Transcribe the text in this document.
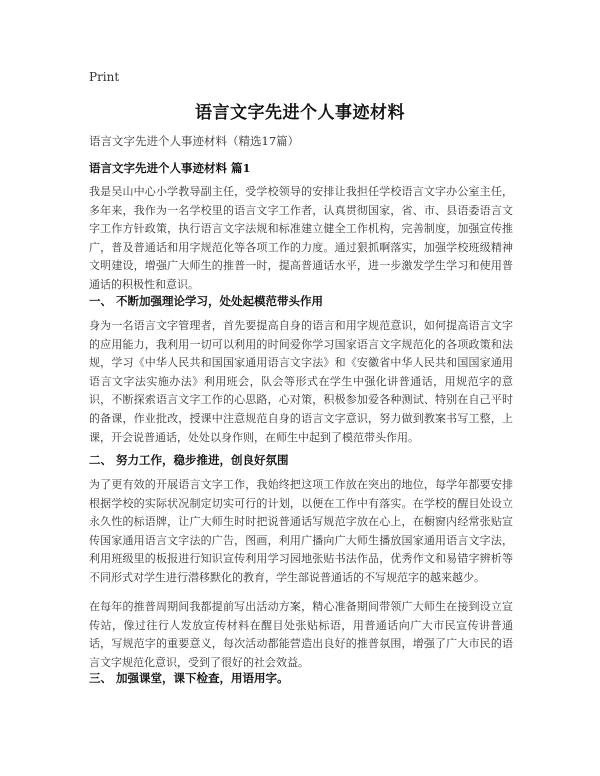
Print
语言文字先进个人事迹材料
语言文字先进个人事迹材料（精选17篇）
语言文字先进个人事迹材料 篇1

我是吴山中心小学教导副主任，受学校领导的安排让我担任学校语言文字办公室主任，多年来，我作为一名学校里的语言文字工作者，认真贯彻国家，省、市、县语委语言文字工作方针政策，执行语言文字法规和标准建立健全工作机构，完善制度，加强宣传推广，普及普通话和用字规范化等各项工作的力度。通过狠抓啊落实，加强学校班级精神文明建设，增强广大师生的推普一时，提高普通话水平，进一步激发学生学习和使用普通话的积极性和意识。

一、 不断加强理论学习，处处起模范带头作用

身为一名语言文字管理者，首先要提高自身的语言和用字规范意识，如何提高语言文字的应用能力，我利用一切可以利用的时间爱你学习国家语言文字规范化的各项政策和法规，学习《中华人民共和国国家通用语言文字法》和《安徽省中华人民共和国国家通用语言文字法实施办法》利用班会，队会等形式在学生中强化讲普通话，用规范字的意识，不断探索语言文字工作的心思路，心对策，积极参加爱各种测试、特别在自己平时的备课，作业批改，授课中注意规范自身的语言文字意识，努力做到教案书写工整，上课，开会说普通话，处处以身作则，在师生中起到了模范带头作用。

二、 努力工作，稳步推进，创良好氛围

为了更有效的开展语言文字工作，我始终把这项工作放在突出的地位，每学年都要安排根据学校的实际状况制定切实可行的计划，以便在工作中有落实。在学校的醒目处设立永久性的标语牌，让广大师生时时把说普通话写规范字放在心上，在橱窗内经常张贴宣传国家通用语言文字法的广告，图画，利用广播向广大师生播放国家通用语言文字法，利用班级里的板报进行知识宣传利用学习园地张贴书法作品，优秀作文和易错字辨析等不同形式对学生进行潜移默化的教育，学生部说普通话的不写规范字的越来越少。

在每年的推普周期间我都提前写出活动方案，精心准备期间带领广大师生在接到设立宣传站，像过往行人发放宣传材料在醒目处张贴标语，用普通话向广大市民宣传讲普通话，写规范字的重要意义，每次活动都能营造出良好的推普氛围，增强了广大市民的语言文字规范化意识，受到了很好的社会效益。

三、 加强课堂，课下检查，用语用字。
